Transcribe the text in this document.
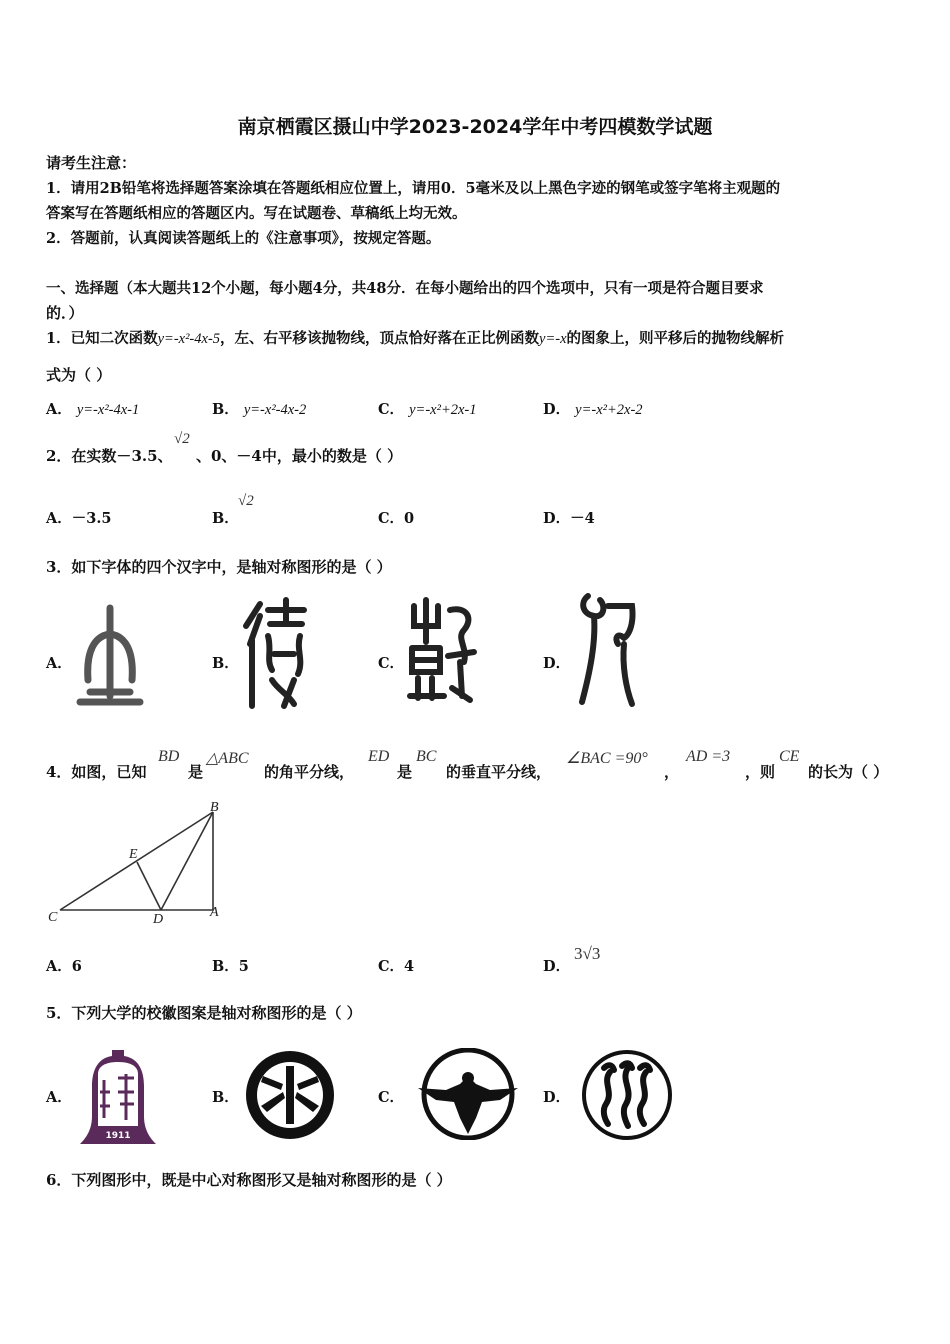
南京栖霞区摄山中学2023-2024学年中考四模数学试题
请考生注意：
1．请用2B铅笔将选择题答案涂填在答题纸相应位置上，请用0．5毫米及以上黑色字迹的钢笔或签字笔将主观题的
答案写在答题纸相应的答题区内。写在试题卷、草稿纸上均无效。
2．答题前，认真阅读答题纸上的《注意事项》，按规定答题。
一、选择题（本大题共12个小题，每小题4分，共48分．在每小题给出的四个选项中，只有一项是符合题目要求
的．）
1．已知二次函数y=-x²-4x-5，左、右平移该抛物线，顶点恰好落在正比例函数y=-x的图象上，则平移后的抛物线解析
式为（ ）
A． y=-x²-4x-1	B． y=-x²-4x-2	C． y=-x²+2x-1	D． y=-x²+2x-2
2．在实数－3.5、
√2
、0、－4中，最小的数是（ ）
A．－3.5	B．
√2
C．0	D．－4
3．如下字体的四个汉字中，是轴对称图形的是（ ）
A．	B．	C．	D．
4．如图，已知
BD
是
△ABC
的角平分线，
ED
是
BC
的垂直平分线，
∠BAC =90°
，
AD =3
，则
CE
的长为（ ）
B
E
C	D	A
A．6	B．5	C．4	D．
3√3
5．下列大学的校徽图案是轴对称图形的是（ ）
A．	B．	C．	D．
1911
6．下列图形中，既是中心对称图形又是轴对称图形的是（ ）
